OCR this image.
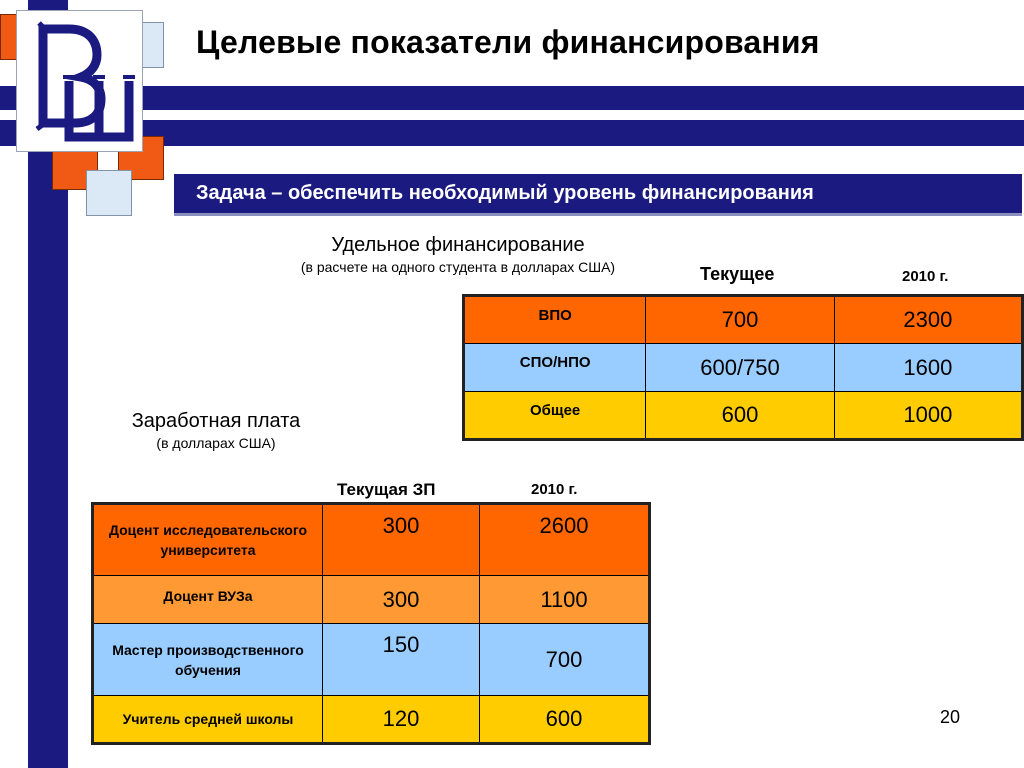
Целевые показатели финансирования
Задача – обеспечить необходимый уровень финансирования
Удельное финансирование
(в расчете на одного студента в долларах США)	Текущее	2010 г.
ВПО	700	2300
СПО/НПО	600/750	1600
Общее	600	1000
Заработная плата
(в долларах США)
Текущая ЗП	2010 г.
Доцент исследовательского университета	300	2600
Доцент ВУЗа	300	1100
Мастер производственного обучения	150	700
Учитель средней школы	120	600	20
